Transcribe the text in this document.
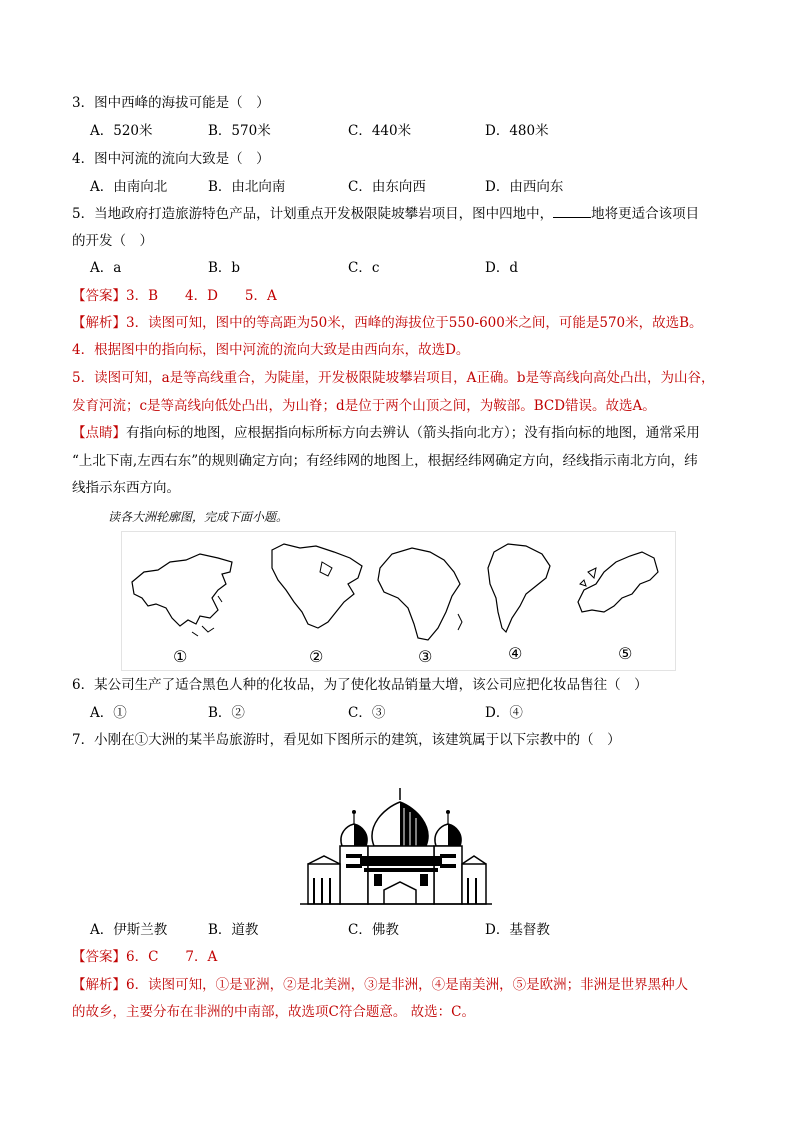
3．图中西峰的海拔可能是（　）
A．520米	B．570米	C．440米	D．480米
4．图中河流的流向大致是（　）
A．由南向北	B．由北向南	C．由东向西	D．由西向东
5．当地政府打造旅游特色产品，计划重点开发极限陡坡攀岩项目，图中四地中，	地将更适合该项目
的开发（　）
A．a	B．b	C．c	D．d
【答案】3．B　　4．D　　5．A
【解析】3．读图可知，图中的等高距为50米，西峰的海拔位于550-600米之间，可能是570米，故选B。
4．根据图中的指向标，图中河流的流向大致是由西向东，故选D。
5．读图可知，a是等高线重合，为陡崖，开发极限陡坡攀岩项目，A正确。b是等高线向高处凸出，为山谷，
发育河流；c是等高线向低处凸出，为山脊；d是位于两个山顶之间，为鞍部。BCD错误。故选A。
【点睛】有指向标的地图，应根据指向标所标方向去辨认（箭头指向北方）；没有指向标的地图，通常采用
“上北下南,左西右东”的规则确定方向；有经纬网的地图上，根据经纬网确定方向，经线指示南北方向，纬
线指示东西方向。
读各大洲轮廓图，完成下面小题。
①	②	③	④	⑤
6．某公司生产了适合黑色人种的化妆品，为了使化妆品销量大增，该公司应把化妆品售往（　）
A．①	B．②	C．③	D．④
7．小刚在①大洲的某半岛旅游时，看见如下图所示的建筑，该建筑属于以下宗教中的（　）
A．伊斯兰教	B．道教	C．佛教	D．基督教
【答案】6．C　　7．A
【解析】6．读图可知，①是亚洲，②是北美洲，③是非洲，④是南美洲，⑤是欧洲；非洲是世界黑种人
的故乡，主要分布在非洲的中南部，故选项C符合题意。 故选：C。
